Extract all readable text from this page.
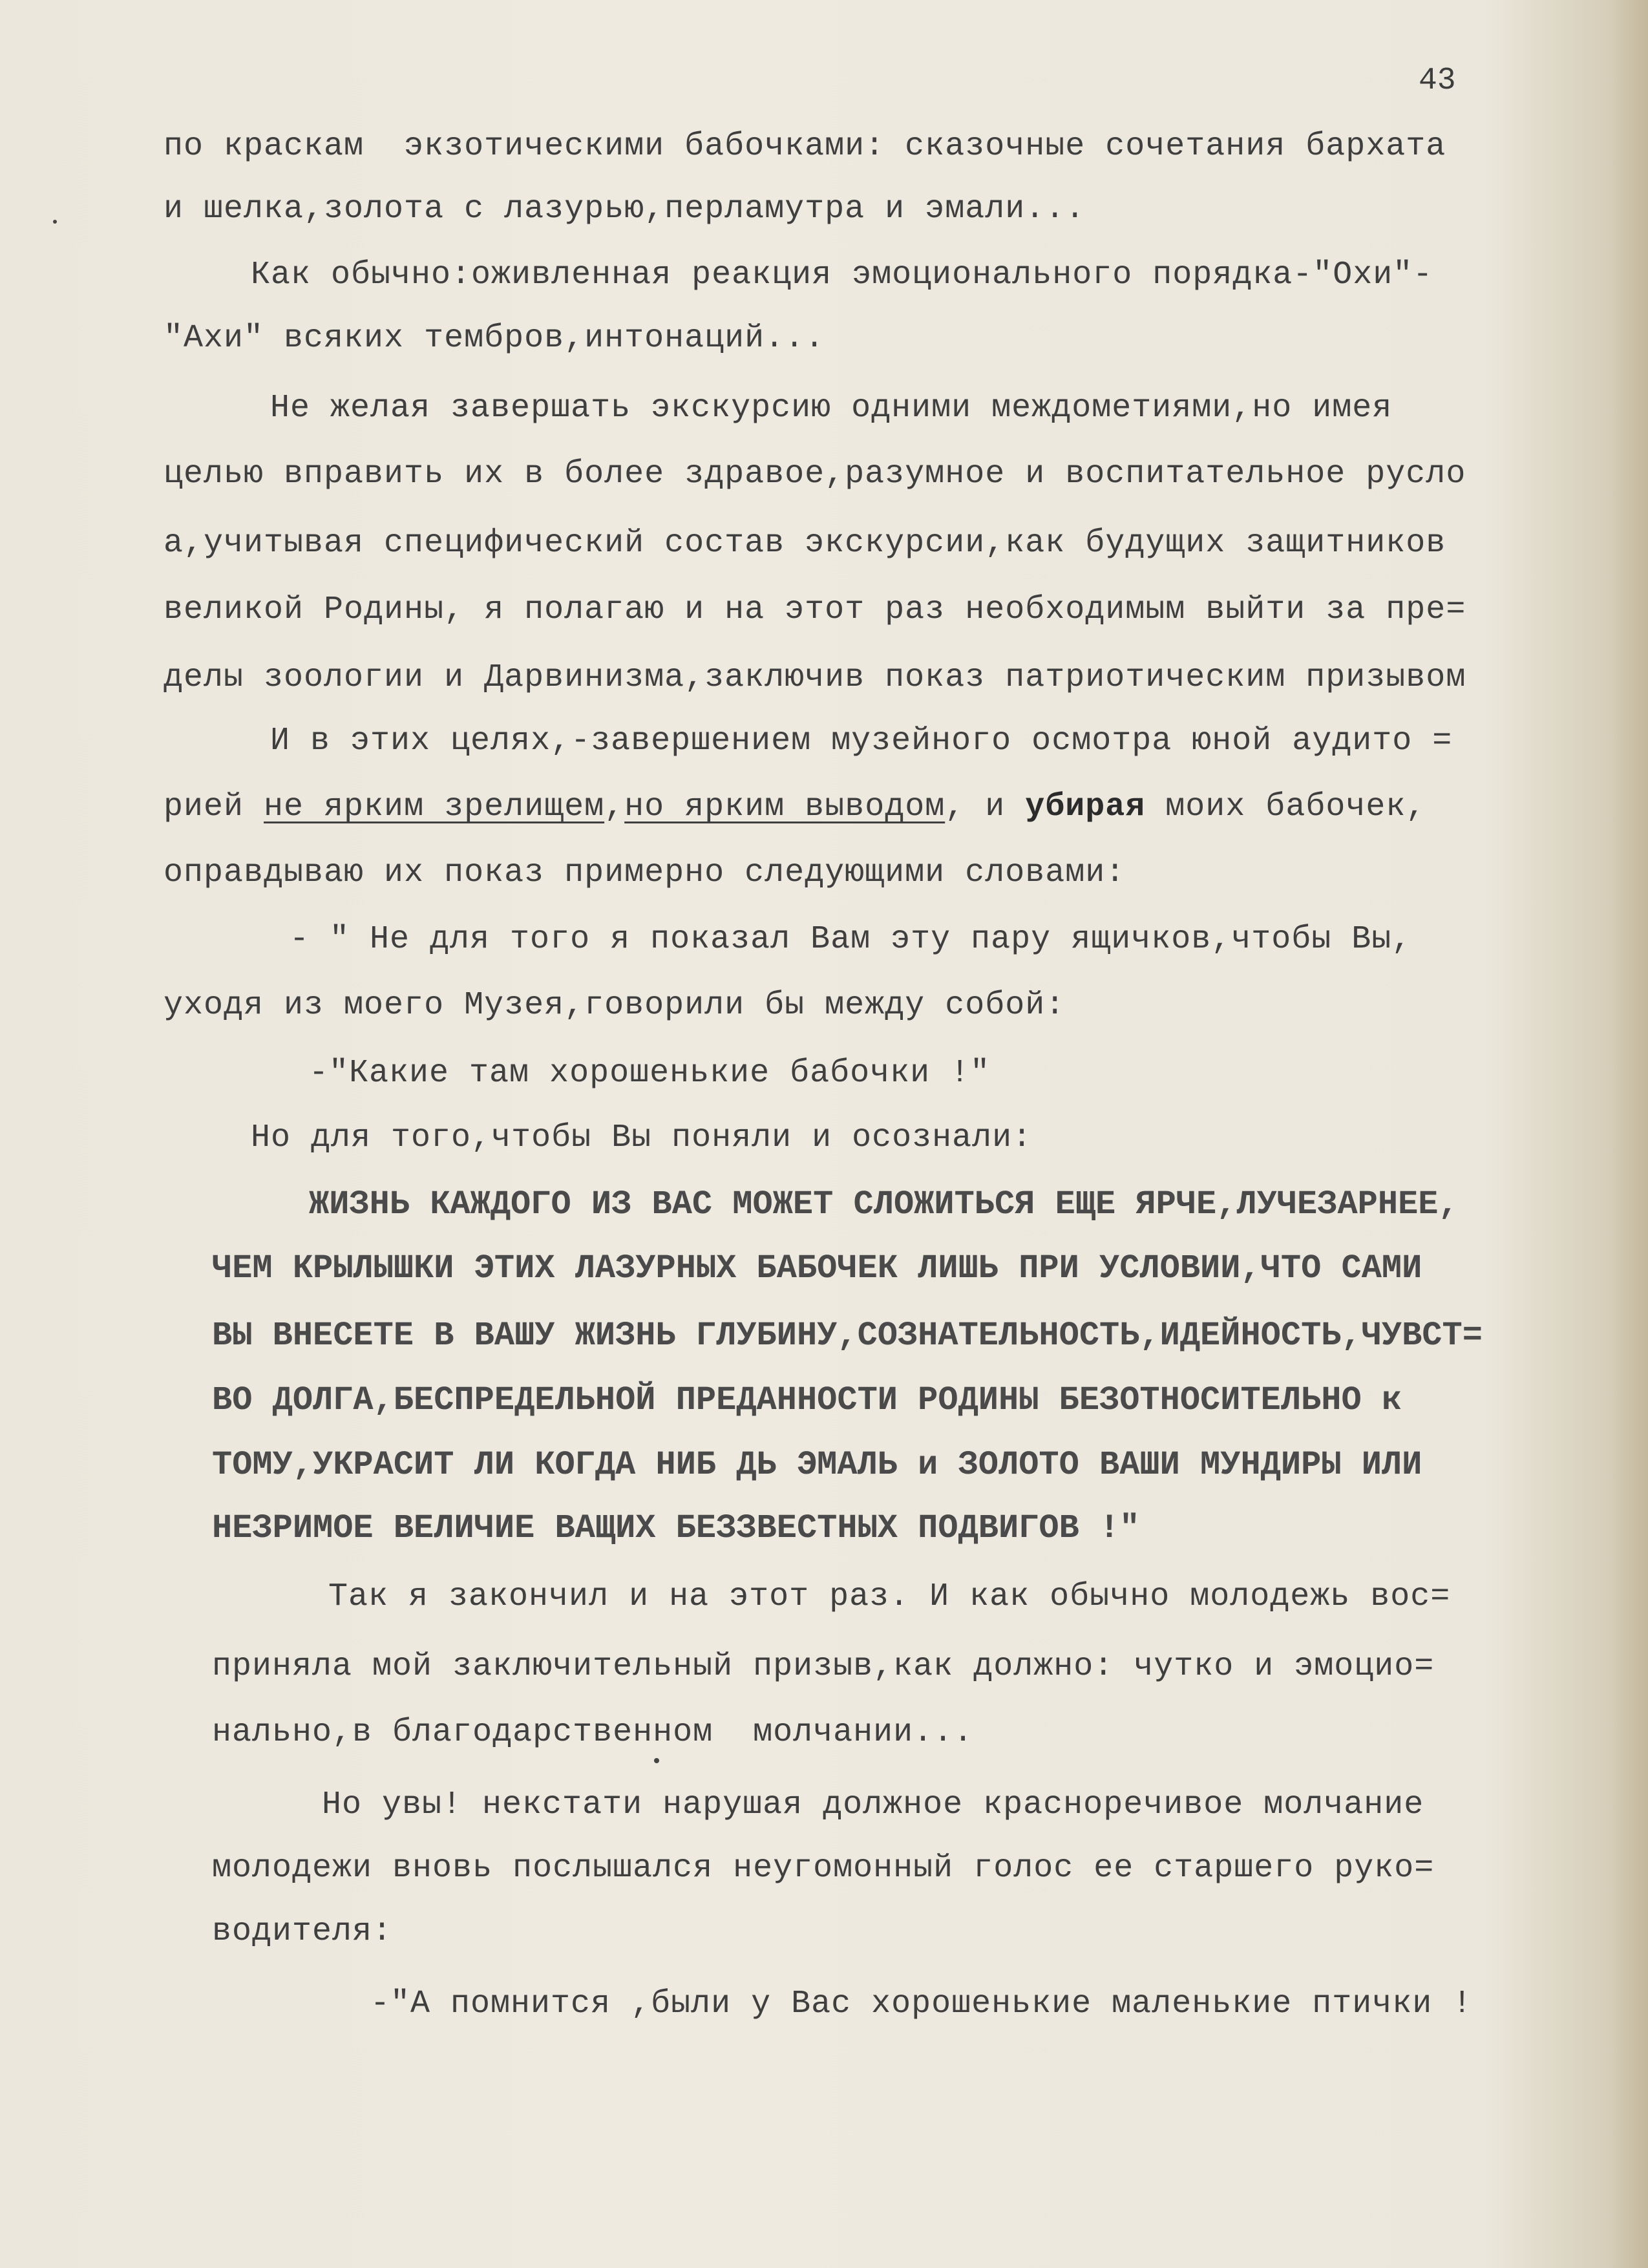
43
по краскам  экзотическими бабочками: сказочные сочетания бархата
и шелка,золота с лазурью,перламутра и эмали...
Как обычно:оживленная реакция эмоционального порядка-"Охи"-
"Ахи" всяких тембров,интонаций...
Не желая завершать экскурсию одними междометиями,но имея
целью вправить их в более здравое,разумное и воспитательное русло
а,учитывая специфический состав экскурсии,как будущих защитников
великой Родины, я полагаю и на этот раз необходимым выйти за пре=
делы зоологии и Дарвинизма,заключив показ патриотическим призывом
И в этих целях,-завершением музейного осмотра юной аудито =
рией не ярким зрелищем,но ярким выводом, и убирая моих бабочек,
оправдываю их показ примерно следующими словами:
- " Не для того я показал Вам эту пару ящичков,чтобы Вы,
уходя из моего Музея,говорили бы между собой:
-"Какие там хорошенькие бабочки !"
Но для того,чтобы Вы поняли и осознали:
ЖИЗНЬ КАЖДОГО ИЗ ВАС МОЖЕТ СЛОЖИТЬСЯ ЕЩЕ ЯРЧЕ,ЛУЧЕЗАРНЕЕ,
ЧЕМ КРЫЛЫШКИ ЭТИХ ЛАЗУРНЫХ БАБОЧЕК ЛИШЬ ПРИ УСЛОВИИ,ЧТО САМИ
ВЫ ВНЕСЕТЕ В ВАШУ ЖИЗНЬ ГЛУБИНУ,СОЗНАТЕЛЬНОСТЬ,ИДЕЙНОСТЬ,ЧУВСТ=
ВО ДОЛГА,БЕСПРЕДЕЛЬНОЙ ПРЕДАННОСТИ РОДИНЫ БЕЗОТНОСИТЕЛЬНО к
ТОМУ,УКРАСИТ ЛИ КОГДА НИБ ДЬ ЭМАЛЬ и ЗОЛОТО ВАШИ МУНДИРЫ ИЛИ
НЕЗРИМОЕ ВЕЛИЧИЕ ВАЩИХ БЕЗЗВЕСТНЫХ ПОДВИГОВ !"
Так я закончил и на этот раз. И как обычно молодежь вос=
приняла мой заключительный призыв,как должно: чутко и эмоцио=
нально,в благодарственном  молчании...
Но увы! некстати нарушая должное красноречивое молчание
молодежи вновь послышался неугомонный голос ее старшего руко=
водителя:
-"А помнится ,были у Вас хорошенькие маленькие птички !
